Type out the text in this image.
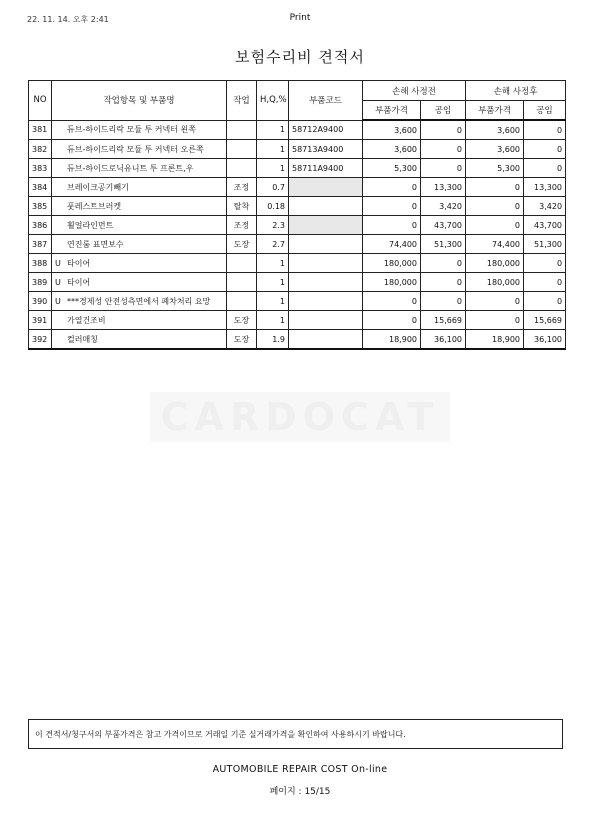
22. 11. 14. 오후 2:41	Print
보험수리비 견적서
NO	작업항목 및 부품명	작업	H,Q,%	부품코드	손해 사정전		손해 사정후	
					부품가격	공임	부품가격	공임
381	듀브-하이드리락 모듈 투 커넥터 왼쪽		1	58712A9400	3,600	0	3,600	0
382	듀브-하이드리락 모듈 투 커넥터 오른쪽		1	58713A9400	3,600	0	3,600	0
383	듀브-하이드로닉유니트 투 프론트,우		1	58711A9400	5,300	0	5,300	0
384	브레이크공기빼기	조정	0.7		0	13,300	0	13,300
385	풋레스트브러켓	탈착	0.18		0	3,420	0	3,420
386	휠얼라인먼트	조정	2.3		0	43,700	0	43,700
387	연진룸 표면보수	도장	2.7		74,400	51,300	74,400	51,300
388	U 타이어		1		180,000	0	180,000	0
389	U 타이어		1		180,000	0	180,000	0
390	U ***경제성 안전성측면에서 폐차처리 요망		1		0	0	0	0
391	가열건조비	도장	1		0	15,669	0	15,669
392	컬러매칭	도장	1.9		18,900	36,100	18,900	36,100
CARDOCAT
이 견적서/청구서의 부품가격은 참고 가격이므로 거래일 기준 실거래가격을 확인하여 사용하시기 바랍니다.
AUTOMOBILE REPAIR COST On-line
페이지 : 15/15
